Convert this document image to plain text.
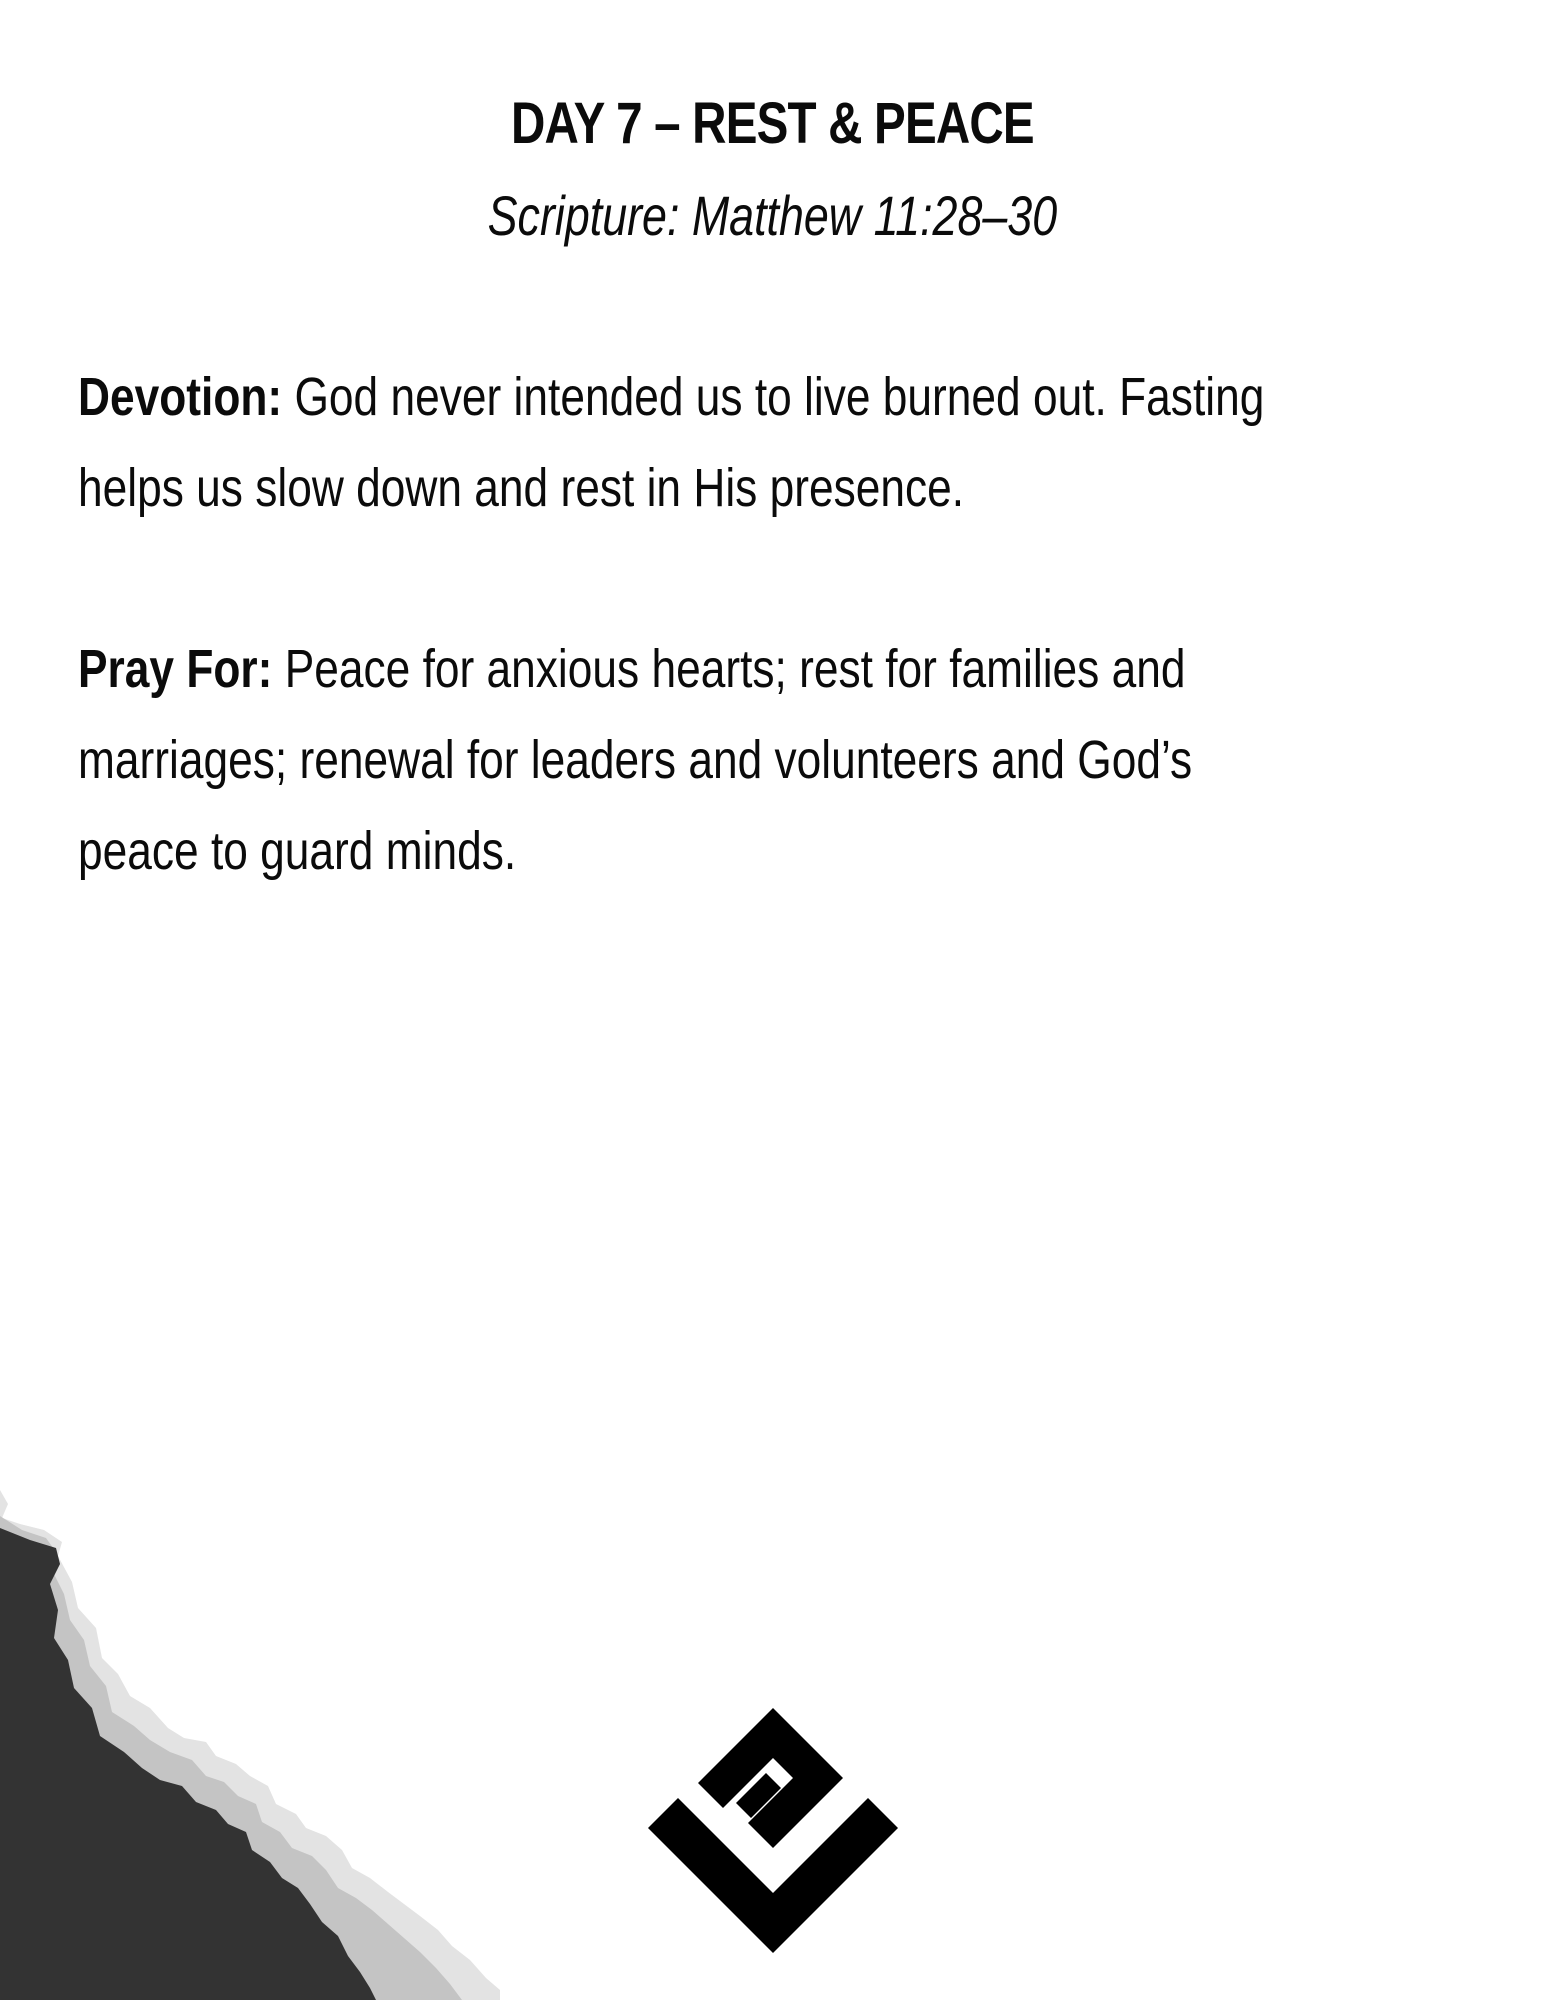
DAY 7 – REST & PEACE
Scripture: Matthew 11:28–30
Devotion: God never intended us to live burned out. Fasting
helps us slow down and rest in His presence.
Pray For: Peace for anxious hearts; rest for families and
marriages; renewal for leaders and volunteers and God’s
peace to guard minds.
